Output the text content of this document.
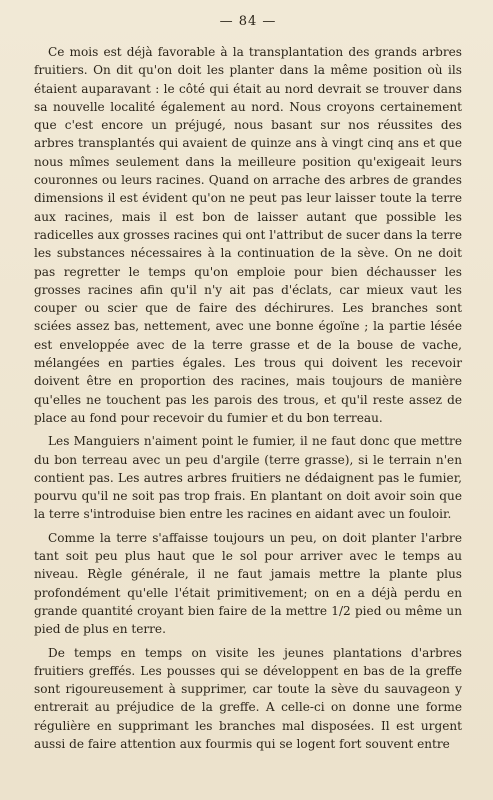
— 84 —

Ce mois est déjà favorable à la transplantation des grands arbres fruitiers. On dit qu'on doit les planter dans la même position où ils étaient auparavant : le côté qui était au nord devrait se trouver dans sa nouvelle localité également au nord. Nous croyons certainement que c'est encore un préjugé, nous basant sur nos réussites des arbres transplantés qui avaient de quinze ans à vingt cinq ans et que nous mîmes seulement dans la meilleure position qu'exigeait leurs couronnes ou leurs racines. Quand on arrache des arbres de grandes dimensions il est évident qu'on ne peut pas leur laisser toute la terre aux racines, mais il est bon de laisser autant que possible les radicelles aux grosses racines qui ont l'attribut de sucer dans la terre les substances nécessaires à la continuation de la sève. On ne doit pas regretter le temps qu'on emploie pour bien déchausser les grosses racines afin qu'il n'y ait pas d'éclats, car mieux vaut les couper ou scier que de faire des déchirures. Les branches sont sciées assez bas, nettement, avec une bonne égoïne ; la partie lésée est enveloppée avec de la terre grasse et de la bouse de vache, mélangées en parties égales. Les trous qui doivent les recevoir doivent être en proportion des racines, mais toujours de manière qu'elles ne touchent pas les parois des trous, et qu'il reste assez de place au fond pour recevoir du fumier et du bon terreau.

Les Manguiers n'aiment point le fumier, il ne faut donc que mettre du bon terreau avec un peu d'argile (terre grasse), si le terrain n'en contient pas. Les autres arbres fruitiers ne dédaignent pas le fumier, pourvu qu'il ne soit pas trop frais. En plantant on doit avoir soin que la terre s'introduise bien entre les racines en aidant avec un fouloir.

Comme la terre s'affaisse toujours un peu, on doit planter l'arbre tant soit peu plus haut que le sol pour arriver avec le temps au niveau. Règle générale, il ne faut jamais mettre la plante plus profondément qu'elle l'était primitivement; on en a déjà perdu en grande quantité croyant bien faire de la mettre 1/2 pied ou même un pied de plus en terre.

De temps en temps on visite les jeunes plantations d'arbres fruitiers greffés. Les pousses qui se développent en bas de la greffe sont rigoureusement à supprimer, car toute la sève du sauvageon y entrerait au préjudice de la greffe. A celle-ci on donne une forme régulière en supprimant les branches mal disposées. Il est urgent aussi de faire attention aux fourmis qui se logent fort souvent entre
